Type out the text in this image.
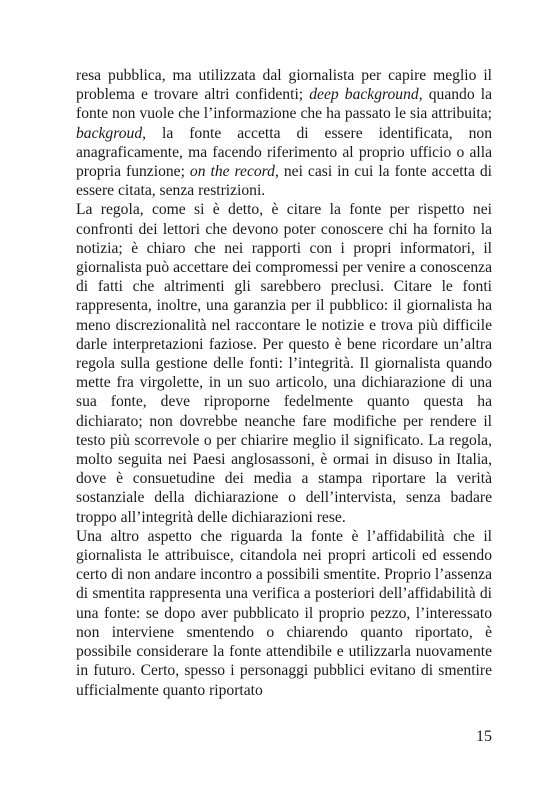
resa pubblica, ma utilizzata dal giornalista per capire meglio il problema e trovare altri confidenti; deep background, quando la fonte non vuole che l’informazione che ha passato le sia attribuita; backgroud, la fonte accetta di essere identificata, non anagraficamente, ma facendo riferimento al proprio ufficio o alla propria funzione; on the record, nei casi in cui la fonte accetta di essere citata, senza restrizioni.

La regola, come si è detto, è citare la fonte per rispetto nei confronti dei lettori che devono poter conoscere chi ha fornito la notizia; è chiaro che nei rapporti con i propri informatori, il giornalista può accettare dei compromessi per venire a conoscenza di fatti che altrimenti gli sarebbero preclusi. Citare le fonti rappresenta, inoltre, una garanzia per il pubblico: il giornalista ha meno discrezionalità nel raccontare le notizie e trova più difficile darle interpretazioni faziose. Per questo è bene ricordare un’altra regola sulla gestione delle fonti: l’integrità. Il giornalista quando mette fra virgolette, in un suo articolo, una dichiarazione di una sua fonte, deve riproporne fedelmente quanto questa ha dichiarato; non dovrebbe neanche fare modifiche per rendere il testo più scorrevole o per chiarire meglio il significato. La regola, molto seguita nei Paesi anglosassoni, è ormai in disuso in Italia, dove è consuetudine dei media a stampa riportare la verità sostanziale della dichiarazione o dell’intervista, senza badare troppo all’integrità delle dichiarazioni rese.

Una altro aspetto che riguarda la fonte è l’affidabilità che il giornalista le attribuisce, citandola nei propri articoli ed essendo certo di non andare incontro a possibili smentite. Proprio l’assenza di smentita rappresenta una verifica a posteriori dell’affidabilità di una fonte: se dopo aver pubblicato il proprio pezzo, l’interessato non interviene smentendo o chiarendo quanto riportato, è possibile considerare la fonte attendibile e utilizzarla nuovamente in futuro. Certo, spesso i personaggi pubblici evitano di smentire ufficialmente quanto riportato

15
